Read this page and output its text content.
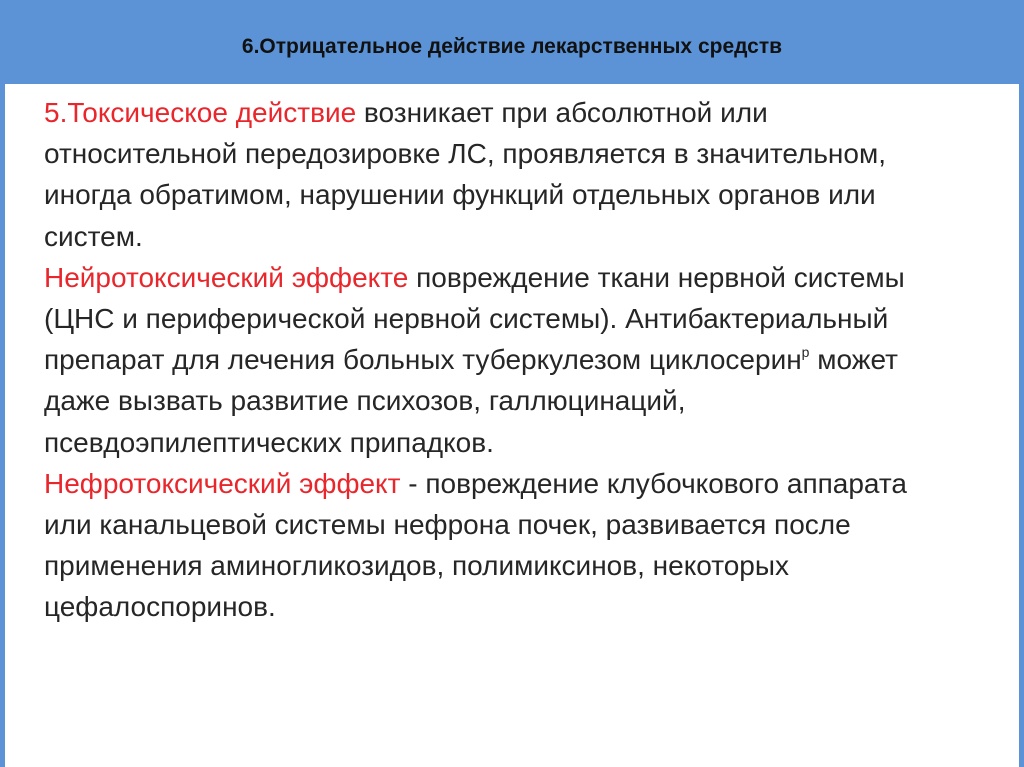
6.Отрицательное действие лекарственных средств

5.Токсическое действие возникает при абсолютной или относительной передозировке ЛС, проявляется в значительном, иногда обратимом, нарушении функций отдельных органов или систем.

Нейротоксический эффекте повреждение ткани нервной системы (ЦНС и периферической нервной системы). Антибактериальный препарат для лечения больных туберкулезом циклосерин$^р$ может даже вызвать развитие психозов, галлюцинаций, псевдоэпилептических припадков.

Нефротоксический эффект - повреждение клубочкового аппарата или канальцевой системы нефрона почек, развивается после применения аминогликозидов, полимиксинов, некоторых цефалоспоринов.
